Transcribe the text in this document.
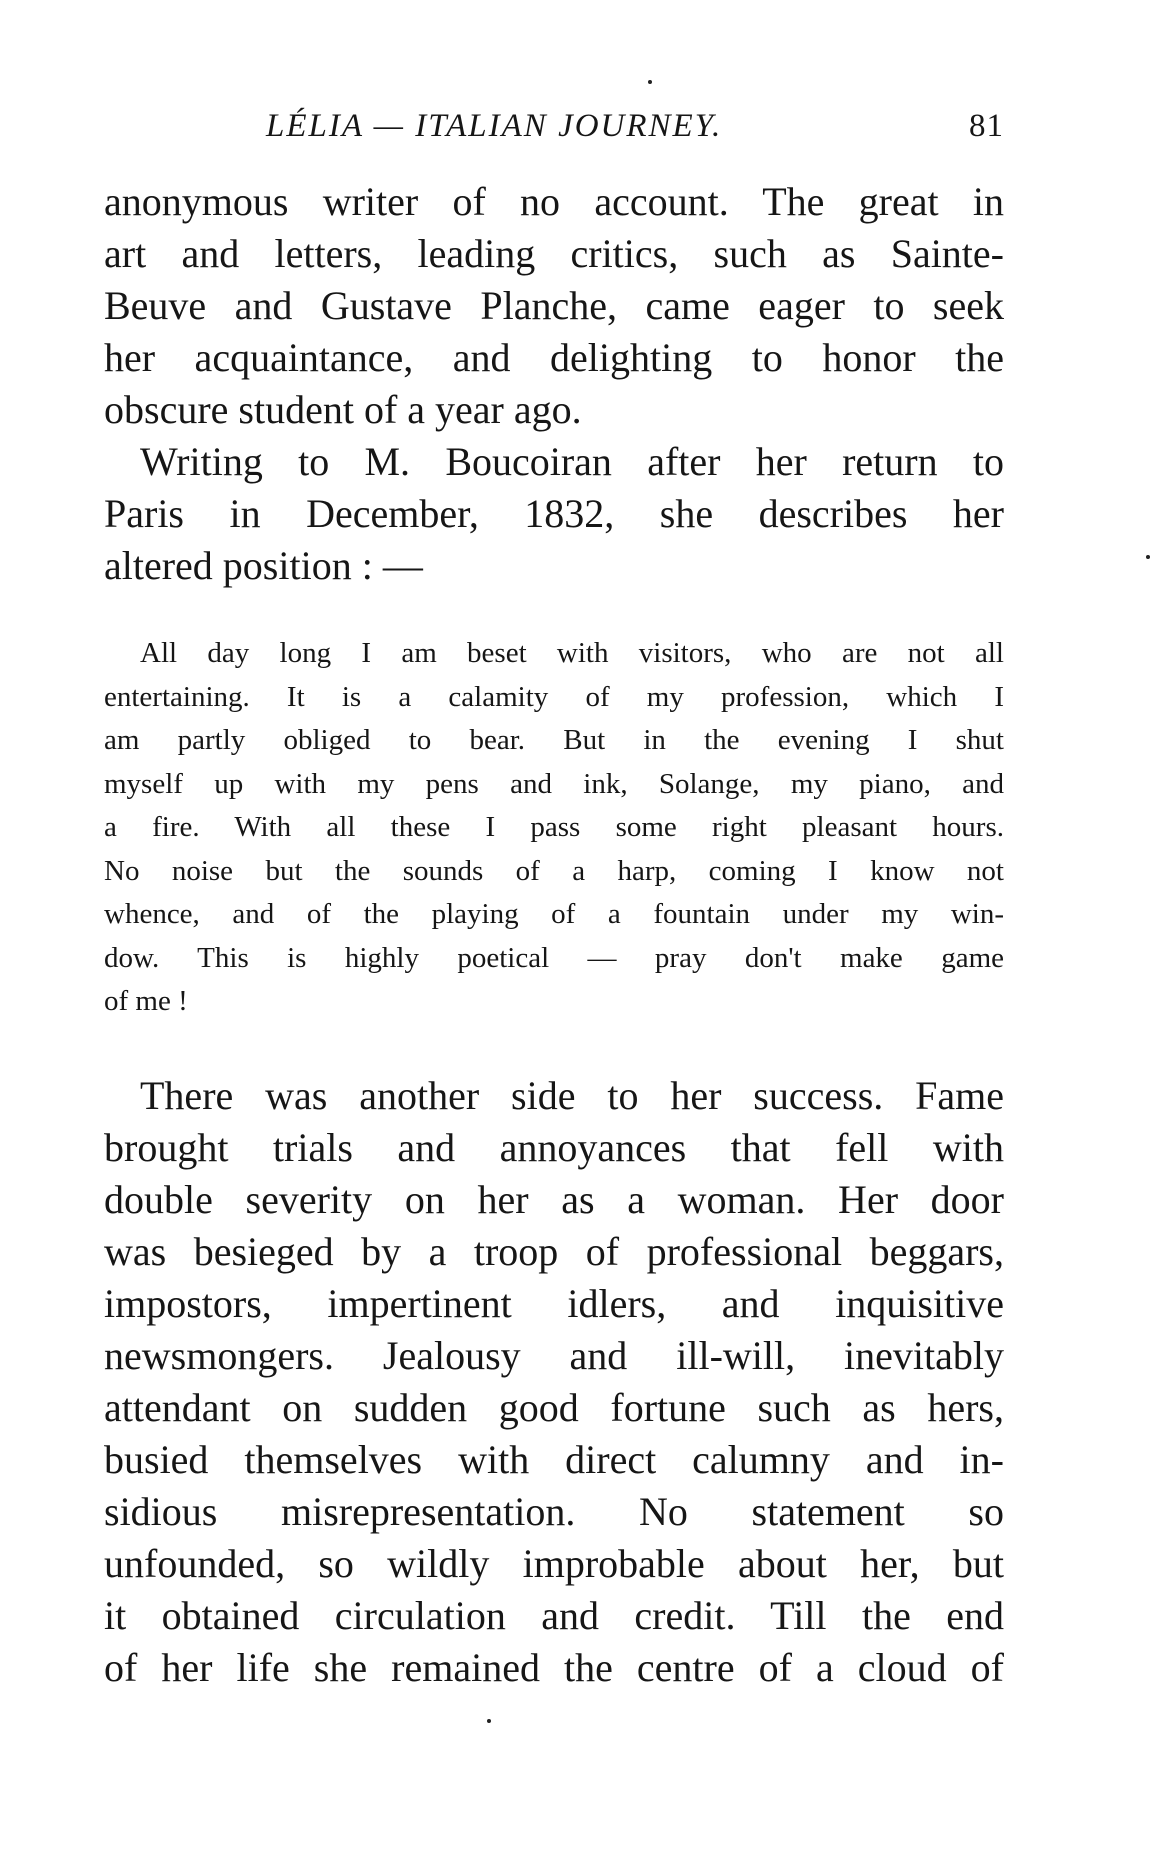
LÉLIA — ITALIAN JOURNEY.	81
anonymous writer of no account. The great in
art and letters, leading critics, such as Sainte-
Beuve and Gustave Planche, came eager to seek
her acquaintance, and delighting to honor the
obscure student of a year ago.
Writing to M. Boucoiran after her return to
Paris in December, 1832, she describes her
altered position : —
All day long I am beset with visitors, who are not all
entertaining. It is a calamity of my profession, which I
am partly obliged to bear. But in the evening I shut
myself up with my pens and ink, Solange, my piano, and
a fire. With all these I pass some right pleasant hours.
No noise but the sounds of a harp, coming I know not
whence, and of the playing of a fountain under my win-
dow. This is highly poetical — pray don't make game
of me !
There was another side to her success. Fame
brought trials and annoyances that fell with
double severity on her as a woman. Her door
was besieged by a troop of professional beggars,
impostors, impertinent idlers, and inquisitive
newsmongers. Jealousy and ill-will, inevitably
attendant on sudden good fortune such as hers,
busied themselves with direct calumny and in-
sidious misrepresentation. No statement so
unfounded, so wildly improbable about her, but
it obtained circulation and credit. Till the end
of her life she remained the centre of a cloud of
